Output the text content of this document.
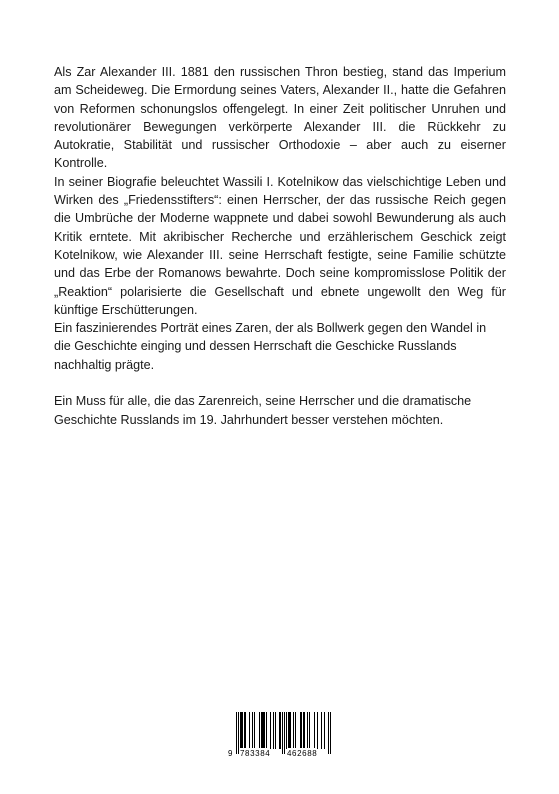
Als Zar Alexander III. 1881 den russischen Thron bestieg, stand das Imperium am Scheideweg. Die Ermordung seines Vaters, Alexander II., hatte die Gefahren von Reformen schonungslos offengelegt. In einer Zeit politischer Unruhen und revolutionärer Bewegungen verkörperte Alexander III. die Rückkehr zu Autokratie, Stabilität und russischer Orthodoxie – aber auch zu eiserner Kontrolle.

In seiner Biografie beleuchtet Wassili I. Kotelnikow das vielschichtige Leben und Wirken des „Friedensstifters“: einen Herrscher, der das russische Reich gegen die Umbrüche der Moderne wappnete und dabei sowohl Bewunderung als auch Kritik erntete. Mit akribischer Recherche und erzählerischem Geschick zeigt Kotelnikow, wie Alexander III. seine Herrschaft festigte, seine Familie schützte und das Erbe der Romanows bewahrte. Doch seine kompromisslose Politik der „Reaktion“ polarisierte die Gesellschaft und ebnete ungewollt den Weg für künftige Erschütterungen.

Ein faszinierendes Porträt eines Zaren, der als Bollwerk gegen den Wandel in die Geschichte einging und dessen Herrschaft die Geschicke Russlands nachhaltig prägte.

Ein Muss für alle, die das Zarenreich, seine Herrscher und die dramatische Geschichte Russlands im 19. Jahrhundert besser verstehen möchten.

9 783384 462688
